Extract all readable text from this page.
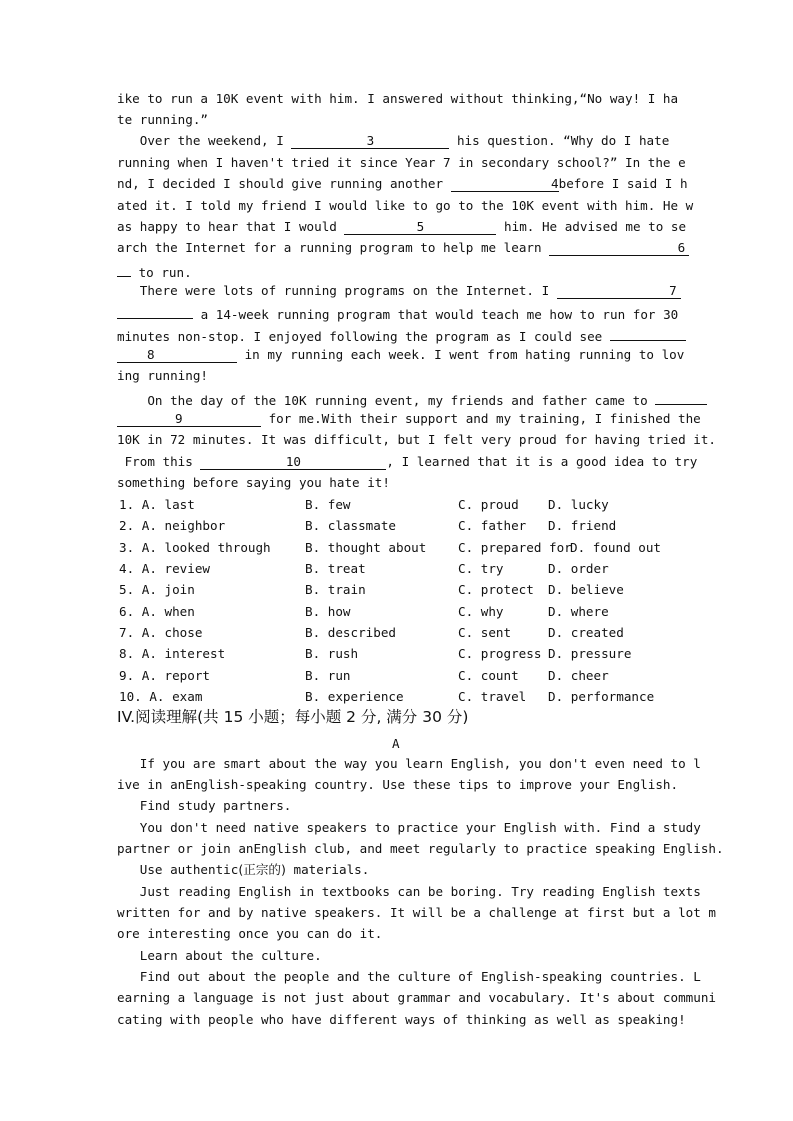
ike to run a 10K event with him. I answered without thinking,“No way! I ha
te running.”
Over the weekend, I	3	his question. “Why do I hate
running when I haven't tried it since Year 7 in secondary school?” In the e
nd, I decided I should give running another	4before I said I h
ated it. I told my friend I would like to go to the 10K event with him. He w
as happy to hear that I would	5	him. He advised me to se
arch the Internet for a running program to help me learn	6
to run.
There were lots of running programs on the Internet. I	7
a 14-week running program that would teach me how to run for 30
minutes non-stop. I enjoyed following the program as I could see
8	in my running each week. I went from hating running to lov
ing running!
On the day of the 10K running event, my friends and father came to
9	for me.With their support and my training, I finished the
10K in 72 minutes. It was difficult, but I felt very proud for having tried it.
From this	10	, I learned that it is a good idea to try
something before saying you hate it!
1. A. last	B. few	C. proud D. lucky
2. A. neighbor	B. classmate	C. father D. friend
3. A. looked through	B. thought about	C. prepared for
D. found out
4. A. review	B. treat	C. try	D. order
5. A. join	B. train	C. protect D. believe
6. A. when	B. how	C. why	D. where
7. A. chose	B. described	C. sent	D. created
8. A. interest	B. rush	C. progress D. pressure
9. A. report	B. run	C. count D. cheer
10. A. exam	B. experience	C. travel D. performance
IV.阅读理解(共 15 小题；每小题 2 分, 满分 30 分)
A
If you are smart about the way you learn English, you don't even need to l
ive in anEnglish-speaking country. Use these tips to improve your English.
Find study partners.
You don't need native speakers to practice your English with. Find a study
partner or join anEnglish club, and meet regularly to practice speaking English.
Use authentic(正宗的) materials.
Just reading English in textbooks can be boring. Try reading English texts
written for and by native speakers. It will be a challenge at first but a lot m
ore interesting once you can do it.
Learn about the culture.
Find out about the people and the culture of English-speaking countries. L
earning a language is not just about grammar and vocabulary. It's about communi
cating with people who have different ways of thinking as well as speaking!
